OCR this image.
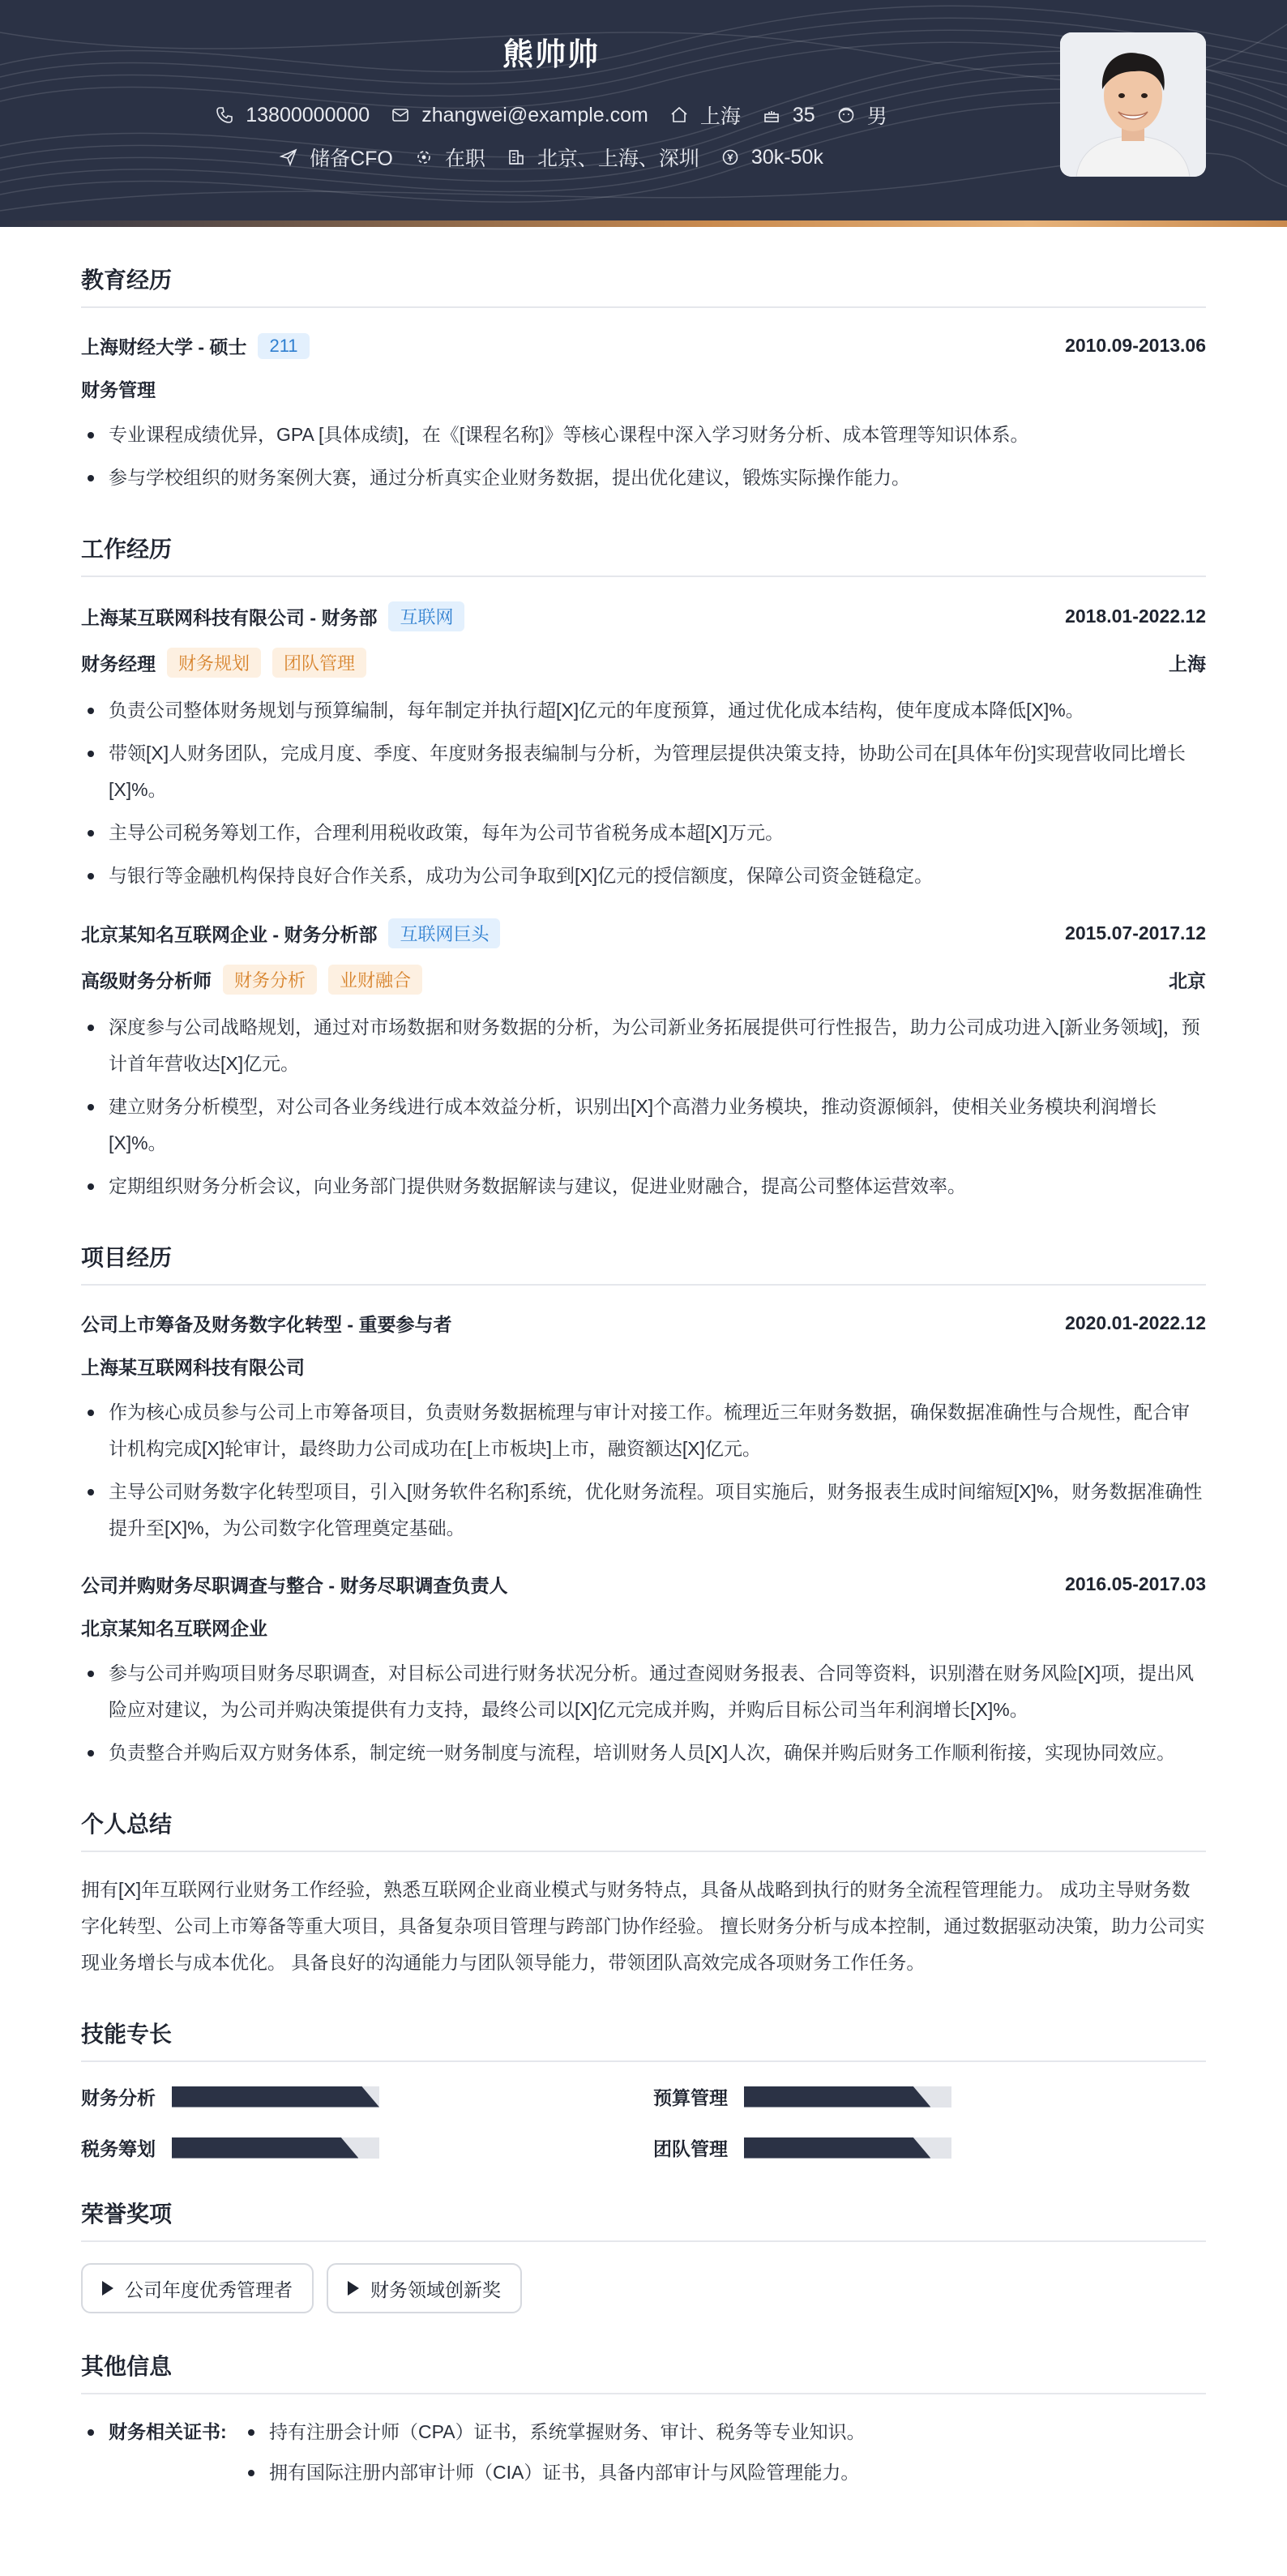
熊帅帅
13800000000	zhangwei@example.com	上海	35	男
储备CFO	在职	北京、上海、深圳	30k-50k
教育经历
上海财经大学 - 硕士	211	2010.09-2013.06
财务管理
专业课程成绩优异，GPA [具体成绩]，在《[课程名称]》等核心课程中深入学习财务分析、成本管理等知识体系。
参与学校组织的财务案例大赛，通过分析真实企业财务数据，提出优化建议，锻炼实际操作能力。
工作经历
上海某互联网科技有限公司 - 财务部	互联网	2018.01-2022.12
财务经理	财务规划	团队管理	上海
负责公司整体财务规划与预算编制，每年制定并执行超[X]亿元的年度预算，通过优化成本结构，使年度成本降低[X]%。
带领[X]人财务团队，完成月度、季度、年度财务报表编制与分析，为管理层提供决策支持，协助公司在[具体年份]实现营收同比增长[X]%。
主导公司税务筹划工作，合理利用税收政策，每年为公司节省税务成本超[X]万元。
与银行等金融机构保持良好合作关系，成功为公司争取到[X]亿元的授信额度，保障公司资金链稳定。
北京某知名互联网企业 - 财务分析部	互联网巨头	2015.07-2017.12
高级财务分析师	财务分析	业财融合	北京
深度参与公司战略规划，通过对市场数据和财务数据的分析，为公司新业务拓展提供可行性报告，助力公司成功进入[新业务领域]，预计首年营收达[X]亿元。
建立财务分析模型，对公司各业务线进行成本效益分析，识别出[X]个高潜力业务模块，推动资源倾斜，使相关业务模块利润增长[X]%。
定期组织财务分析会议，向业务部门提供财务数据解读与建议，促进业财融合，提高公司整体运营效率。
项目经历
公司上市筹备及财务数字化转型 - 重要参与者	2020.01-2022.12
上海某互联网科技有限公司
作为核心成员参与公司上市筹备项目，负责财务数据梳理与审计对接工作。梳理近三年财务数据，确保数据准确性与合规性，配合审计机构完成[X]轮审计，最终助力公司成功在[上市板块]上市，融资额达[X]亿元。
主导公司财务数字化转型项目，引入[财务软件名称]系统，优化财务流程。项目实施后，财务报表生成时间缩短[X]%，财务数据准确性提升至[X]%，为公司数字化管理奠定基础。
公司并购财务尽职调查与整合 - 财务尽职调查负责人	2016.05-2017.03
北京某知名互联网企业
参与公司并购项目财务尽职调查，对目标公司进行财务状况分析。通过查阅财务报表、合同等资料，识别潜在财务风险[X]项，提出风险应对建议，为公司并购决策提供有力支持，最终公司以[X]亿元完成并购，并购后目标公司当年利润增长[X]%。
负责整合并购后双方财务体系，制定统一财务制度与流程，培训财务人员[X]人次，确保并购后财务工作顺利衔接，实现协同效应。
个人总结
拥有[X]年互联网行业财务工作经验，熟悉互联网企业商业模式与财务特点，具备从战略到执行的财务全流程管理能力。 成功主导财务数字化转型、公司上市筹备等重大项目，具备复杂项目管理与跨部门协作经验。 擅长财务分析与成本控制，通过数据驱动决策，助力公司实现业务增长与成本优化。 具备良好的沟通能力与团队领导能力，带领团队高效完成各项财务工作任务。
技能专长
财务分析	预算管理
税务筹划	团队管理
荣誉奖项
公司年度优秀管理者	财务领域创新奖
其他信息
财务相关证书:	持有注册会计师（CPA）证书，系统掌握财务、审计、税务等专业知识。
拥有国际注册内部审计师（CIA）证书，具备内部审计与风险管理能力。
